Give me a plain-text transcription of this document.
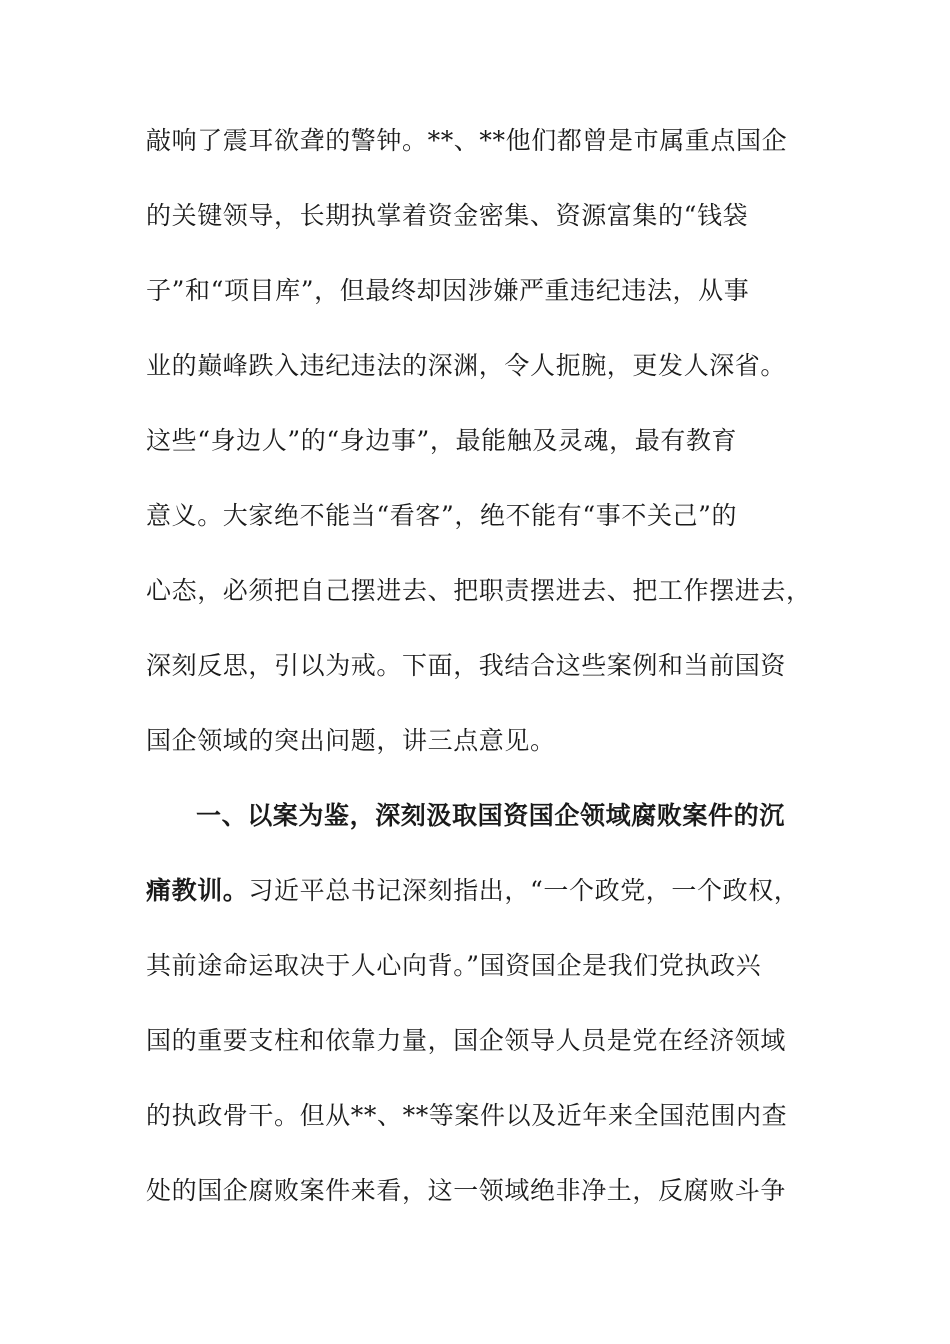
敲响了震耳欲聋的警钟。**、**他们都曾是市属重点国企
的关键领导，长期执掌着资金密集、资源富集的“钱袋
子”和“项目库”，但最终却因涉嫌严重违纪违法，从事
业的巅峰跌入违纪违法的深渊，令人扼腕，更发人深省。
这些“身边人”的“身边事”，最能触及灵魂，最有教育
意义。大家绝不能当“看客”，绝不能有“事不关己”的
心态，必须把自己摆进去、把职责摆进去、把工作摆进去，
深刻反思，引以为戒。下面，我结合这些案例和当前国资
国企领域的突出问题，讲三点意见。
一、以案为鉴，深刻汲取国资国企领域腐败案件的沉
痛教训。习近平总书记深刻指出，“一个政党，一个政权，
其前途命运取决于人心向背。”国资国企是我们党执政兴
国的重要支柱和依靠力量，国企领导人员是党在经济领域
的执政骨干。但从**、**等案件以及近年来全国范围内查
处的国企腐败案件来看，这一领域绝非净土，反腐败斗争
